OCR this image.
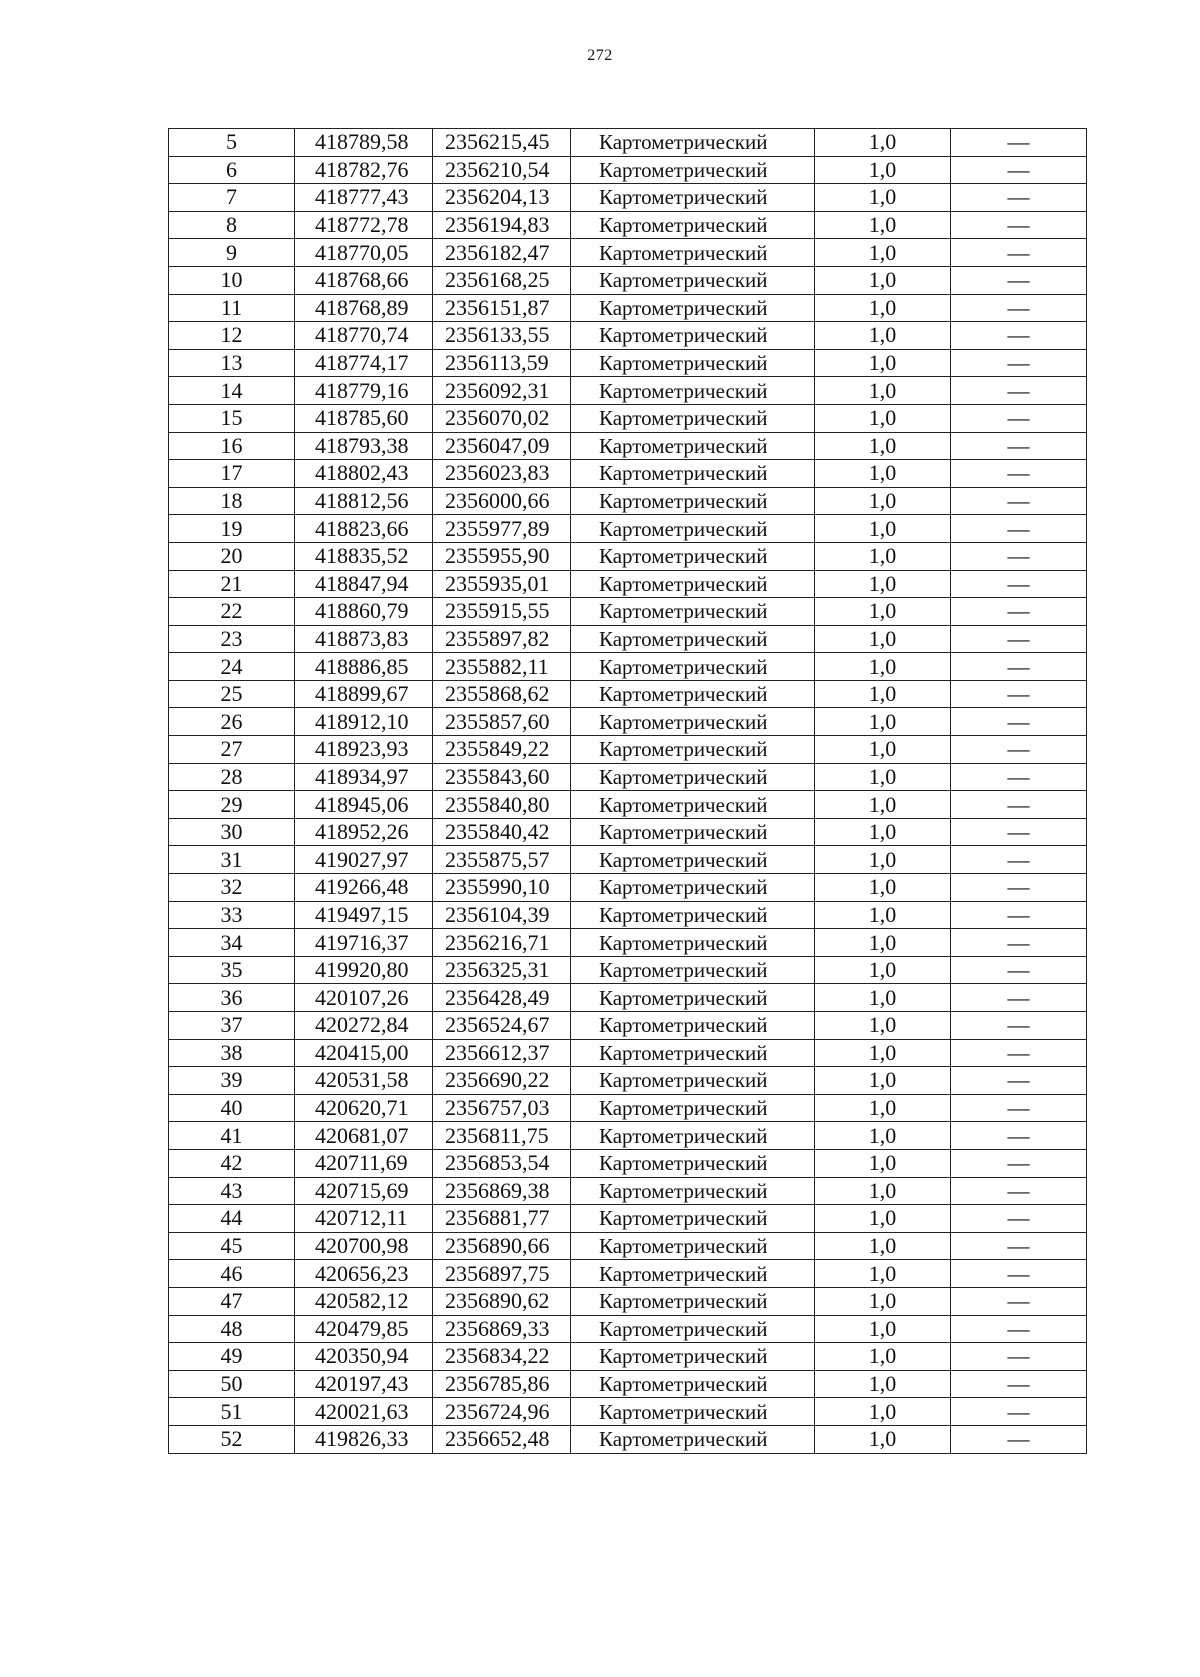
272
5	418789,58	2356215,45	Картометрический	1,0	—
6	418782,76	2356210,54	Картометрический	1,0	—
7	418777,43	2356204,13	Картометрический	1,0	—
8	418772,78	2356194,83	Картометрический	1,0	—
9	418770,05	2356182,47	Картометрический	1,0	—
10	418768,66	2356168,25	Картометрический	1,0	—
11	418768,89	2356151,87	Картометрический	1,0	—
12	418770,74	2356133,55	Картометрический	1,0	—
13	418774,17	2356113,59	Картометрический	1,0	—
14	418779,16	2356092,31	Картометрический	1,0	—
15	418785,60	2356070,02	Картометрический	1,0	—
16	418793,38	2356047,09	Картометрический	1,0	—
17	418802,43	2356023,83	Картометрический	1,0	—
18	418812,56	2356000,66	Картометрический	1,0	—
19	418823,66	2355977,89	Картометрический	1,0	—
20	418835,52	2355955,90	Картометрический	1,0	—
21	418847,94	2355935,01	Картометрический	1,0	—
22	418860,79	2355915,55	Картометрический	1,0	—
23	418873,83	2355897,82	Картометрический	1,0	—
24	418886,85	2355882,11	Картометрический	1,0	—
25	418899,67	2355868,62	Картометрический	1,0	—
26	418912,10	2355857,60	Картометрический	1,0	—
27	418923,93	2355849,22	Картометрический	1,0	—
28	418934,97	2355843,60	Картометрический	1,0	—
29	418945,06	2355840,80	Картометрический	1,0	—
30	418952,26	2355840,42	Картометрический	1,0	—
31	419027,97	2355875,57	Картометрический	1,0	—
32	419266,48	2355990,10	Картометрический	1,0	—
33	419497,15	2356104,39	Картометрический	1,0	—
34	419716,37	2356216,71	Картометрический	1,0	—
35	419920,80	2356325,31	Картометрический	1,0	—
36	420107,26	2356428,49	Картометрический	1,0	—
37	420272,84	2356524,67	Картометрический	1,0	—
38	420415,00	2356612,37	Картометрический	1,0	—
39	420531,58	2356690,22	Картометрический	1,0	—
40	420620,71	2356757,03	Картометрический	1,0	—
41	420681,07	2356811,75	Картометрический	1,0	—
42	420711,69	2356853,54	Картометрический	1,0	—
43	420715,69	2356869,38	Картометрический	1,0	—
44	420712,11	2356881,77	Картометрический	1,0	—
45	420700,98	2356890,66	Картометрический	1,0	—
46	420656,23	2356897,75	Картометрический	1,0	—
47	420582,12	2356890,62	Картометрический	1,0	—
48	420479,85	2356869,33	Картометрический	1,0	—
49	420350,94	2356834,22	Картометрический	1,0	—
50	420197,43	2356785,86	Картометрический	1,0	—
51	420021,63	2356724,96	Картометрический	1,0	—
52	419826,33	2356652,48	Картометрический	1,0	—
